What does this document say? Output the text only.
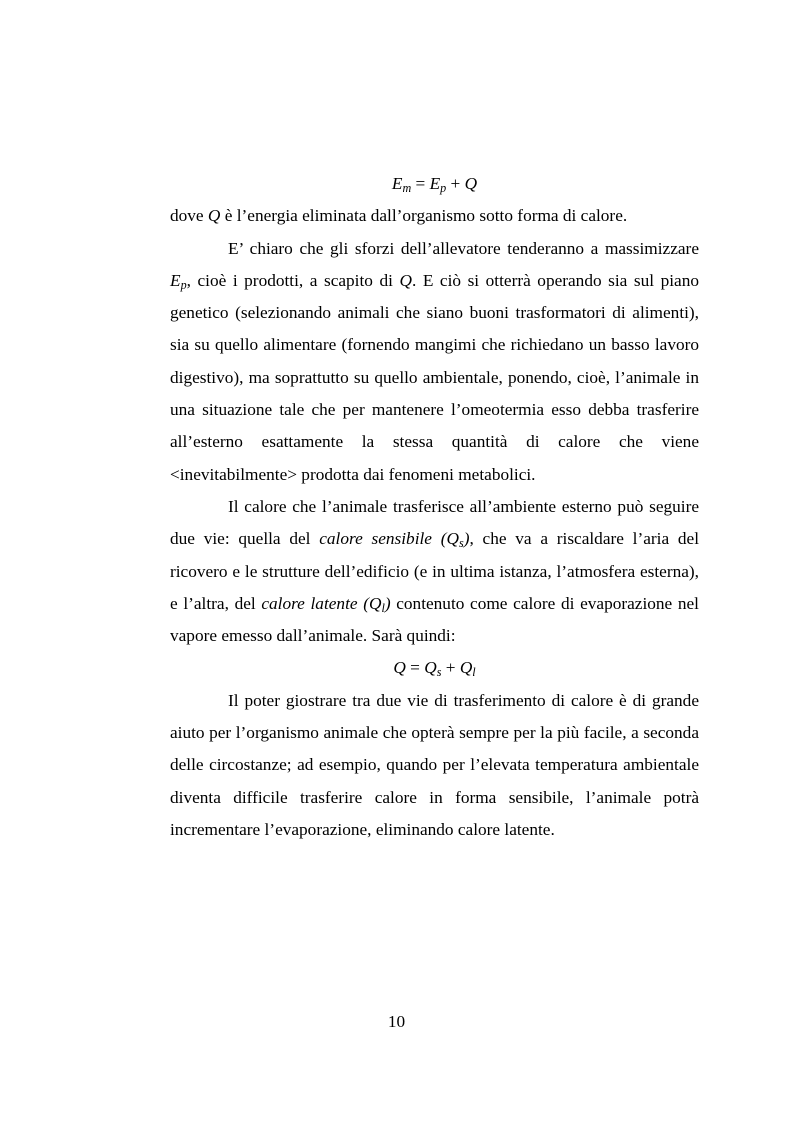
$E_m = E_p + Q$

dove Q è l’energia eliminata dall’organismo sotto forma di calore.

E’ chiaro che gli sforzi dell’allevatore tenderanno a massimizzare $E_p$, cioè i prodotti, a scapito di Q. E ciò si otterrà operando sia sul piano genetico (selezionando animali che siano buoni trasformatori di alimenti), sia su quello alimentare (fornendo mangimi che richiedano un basso lavoro digestivo), ma soprattutto su quello ambientale, ponendo, cioè, l’animale in una situazione tale che per mantenere l’omeotermia esso debba trasferire all’esterno esattamente la stessa quantità di calore che viene <inevitabilmente> prodotta dai fenomeni metabolici.

Il calore che l’animale trasferisce all’ambiente esterno può seguire due vie: quella del calore sensibile $(Q_s)$, che va a riscaldare l’aria del ricovero e le strutture dell’edificio (e in ultima istanza, l’atmosfera esterna), e l’altra, del calore latente $(Q_l)$ contenuto come calore di evaporazione nel vapore emesso dall’animale. Sarà quindi:

$Q = Q_s + Q_l$

Il poter giostrare tra due vie di trasferimento di calore è di grande aiuto per l’organismo animale che opterà sempre per la più facile, a seconda delle circostanze; ad esempio, quando per l’elevata temperatura ambientale diventa difficile trasferire calore in forma sensibile, l’animale potrà incrementare l’evaporazione, eliminando calore latente.

10
